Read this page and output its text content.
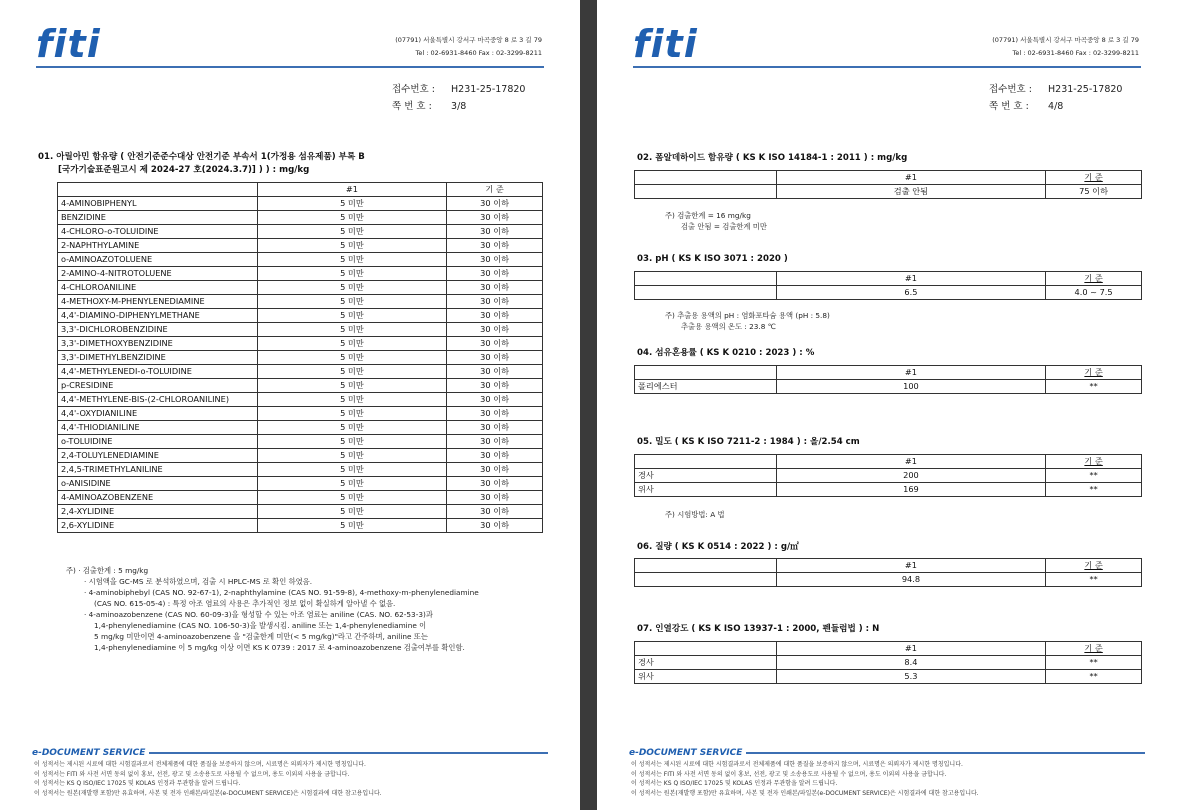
fiti	(07791) 서울특별시 강서구 마곡중앙 8 로 3 길 79
Tel : 02-6931-8460 Fax : 02-3299-8211
접수번호 : H231-25-17820
쪽 번 호 : 3/8
01. 아릴아민 함유량 ( 안전기준준수대상 안전기준 부속서 1(가정용 섬유제품) 부록 B
[국가기술표준원고시 제 2024-27 호(2024.3.7)] ) ) : mg/kg
	#1	기 준
4-AMINOBIPHENYL	5 미만	30 이하
BENZIDINE	5 미만	30 이하
4-CHLORO-o-TOLUIDINE	5 미만	30 이하
2-NAPHTHYLAMINE	5 미만	30 이하
o-AMINOAZOTOLUENE	5 미만	30 이하
2-AMINO-4-NITROTOLUENE	5 미만	30 이하
4-CHLOROANILINE	5 미만	30 이하
4-METHOXY-M-PHENYLENEDIAMINE	5 미만	30 이하
4,4'-DIAMINO-DIPHENYLMETHANE	5 미만	30 이하
3,3'-DICHLOROBENZIDINE	5 미만	30 이하
3,3'-DIMETHOXYBENZIDINE	5 미만	30 이하
3,3'-DIMETHYLBENZIDINE	5 미만	30 이하
4,4'-METHYLENEDI-o-TOLUIDINE	5 미만	30 이하
p-CRESIDINE	5 미만	30 이하
4,4'-METHYLENE-BIS-(2-CHLOROANILINE)	5 미만	30 이하
4,4'-OXYDIANILINE	5 미만	30 이하
4,4'-THIODIANILINE	5 미만	30 이하
o-TOLUIDINE	5 미만	30 이하
2,4-TOLUYLENEDIAMINE	5 미만	30 이하
2,4,5-TRIMETHYLANILINE	5 미만	30 이하
o-ANISIDINE	5 미만	30 이하
4-AMINOAZOBENZENE	5 미만	30 이하
2,4-XYLIDINE	5 미만	30 이하
2,6-XYLIDINE	5 미만	30 이하
주) · 검출한계 : 5 mg/kg
· 시험액을 GC-MS 로 분석하였으며, 검출 시 HPLC-MS 로 확인 하였음.
· 4-aminobiphebyl (CAS NO. 92-67-1), 2-naphthylamine (CAS NO. 91-59-8), 4-methoxy-m-phenylenediamine
(CAS NO. 615-05-4) : 특정 아조 염료의 사용은 추가적인 정보 없이 확실하게 알아낼 수 없음.
· 4-aminoazobenzene (CAS NO. 60-09-3)을 형성할 수 있는 아조 염료는 aniline (CAS. NO. 62-53-3)과
1,4-phenylenediamine (CAS NO. 106-50-3)을 발생시킴. aniline 또는 1,4-phenylenediamine 이
5 mg/kg 미만이면 4-aminoazobenzene 을 "검출한계 미만(< 5 mg/kg)"라고 간주하며, aniline 또는
1,4-phenylenediamine 이 5 mg/kg 이상 이면 KS K 0739 : 2017 로 4-aminoazobenzene 검출여부를 확인함.
e-DOCUMENT SERVICE
이 성적서는 제시된 시료에 대한 시험결과로서 전체제품에 대한 품질을 보증하지 않으며, 시료명은 의뢰자가 제시한 명칭입니다.
이 성적서는 FITI 와 사전 서면 동의 없이 홍보, 선전, 광고 및 소송용도로 사용될 수 없으며, 용도 이외의 사용을 금합니다.
이 성적서는 KS Q ISO/IEC 17025 및 KOLAS 인정과 무관함을 알려 드립니다.
이 성적서는 원본(재발행 포함)만 유효하며, 사본 및 전자 인쇄본/파일본(e-DOCUMENT SERVICE)은 시험결과에 대한 참고용입니다.
fiti	(07791) 서울특별시 강서구 마곡중앙 8 로 3 길 79
Tel : 02-6931-8460 Fax : 02-3299-8211
접수번호 : H231-25-17820
쪽 번 호 : 4/8
02. 폼알데하이드 함유량 ( KS K ISO 14184-1 : 2011 ) : mg/kg
	#1	기 준
	검출 안됨	75 이하
주) 검출한계 = 16 mg/kg
검출 안됨 = 검출한계 미만
03. pH ( KS K ISO 3071 : 2020 )
	#1	기 준
	6.5	4.0 ~ 7.5
주) 추출용 용액의 pH : 염화포타슘 용액 (pH : 5.8)
추출용 용액의 온도 : 23.8 ℃
04. 섬유혼용률 ( KS K 0210 : 2023 ) : %
	#1	기 준
폴리에스터	100	**
05. 밀도 ( KS K ISO 7211-2 : 1984 ) : 올/2.54 cm
	#1	기 준
경사	200	**
위사	169	**
주) 시험방법: A 법
06. 질량 ( KS K 0514 : 2022 ) : g/㎡
	#1	기 준
	94.8	**
07. 인열강도 ( KS K ISO 13937-1 : 2000, 펜듈럼법 ) : N
	#1	기 준
경사	8.4	**
위사	5.3	**
e-DOCUMENT SERVICE
이 성적서는 제시된 시료에 대한 시험결과로서 전체제품에 대한 품질을 보증하지 않으며, 시료명은 의뢰자가 제시한 명칭입니다.
이 성적서는 FITI 와 사전 서면 동의 없이 홍보, 선전, 광고 및 소송용도로 사용될 수 없으며, 용도 이외의 사용을 금합니다.
이 성적서는 KS Q ISO/IEC 17025 및 KOLAS 인정과 무관함을 알려 드립니다.
이 성적서는 원본(재발행 포함)만 유효하며, 사본 및 전자 인쇄본/파일본(e-DOCUMENT SERVICE)은 시험결과에 대한 참고용입니다.
